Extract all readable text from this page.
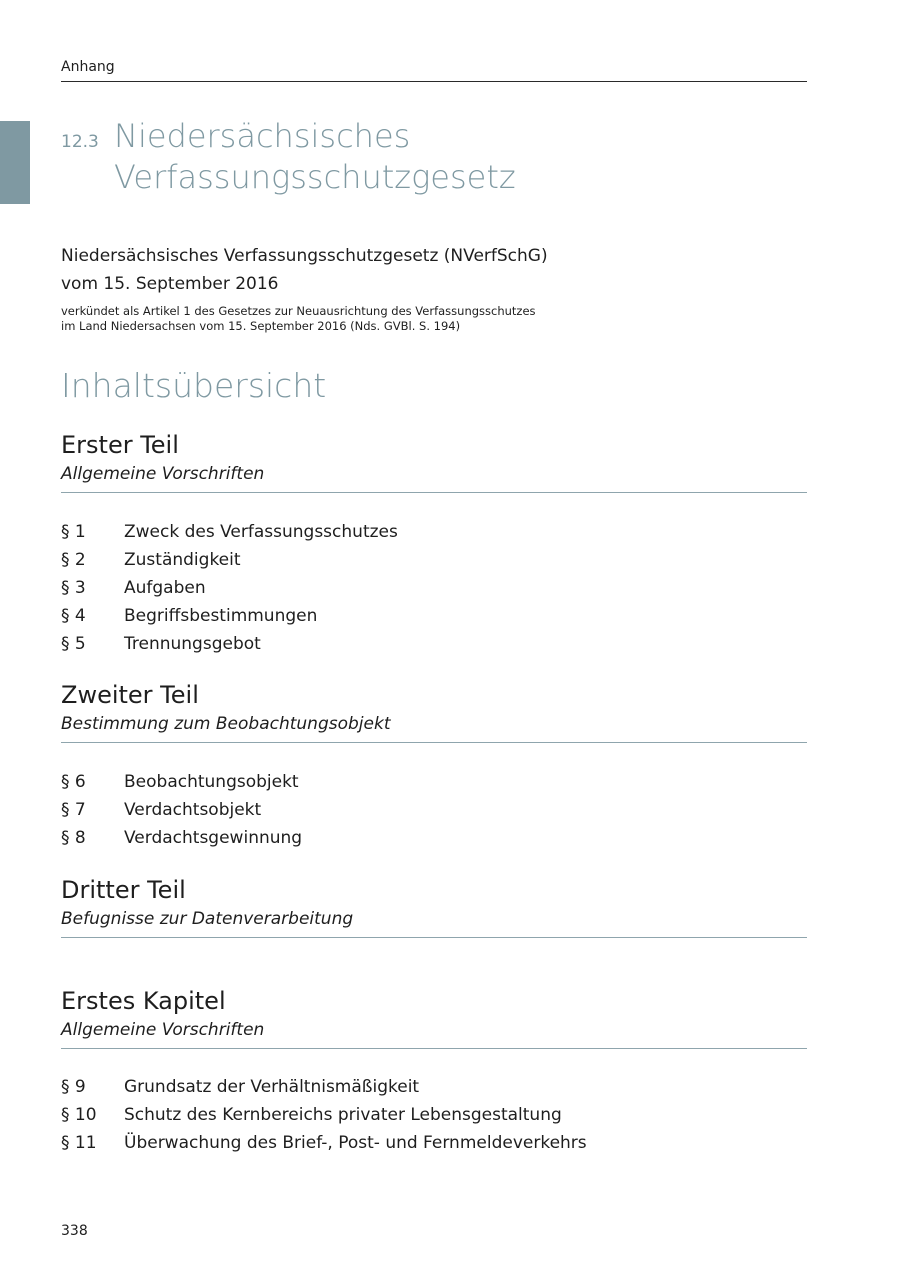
Anhang
12.3 Niedersächsisches
Verfassungsschutzgesetz
Niedersächsisches Verfassungsschutzgesetz (NVerfSchG)
vom 15. September 2016
verkündet als Artikel 1 des Gesetzes zur Neuausrichtung des Verfassungsschutzes
im Land Niedersachsen vom 15. September 2016 (Nds. GVBl. S. 194)
Inhaltsübersicht
Erster Teil
Allgemeine Vorschriften
§ 1	Zweck des Verfassungsschutzes
§ 2	Zuständigkeit
§ 3	Aufgaben
§ 4	Begriffsbestimmungen
§ 5	Trennungsgebot
Zweiter Teil
Bestimmung zum Beobachtungsobjekt
§ 6	Beobachtungsobjekt
§ 7	Verdachtsobjekt
§ 8	Verdachtsgewinnung
Dritter Teil
Befugnisse zur Datenverarbeitung
Erstes Kapitel
Allgemeine Vorschriften
§ 9	Grundsatz der Verhältnismäßigkeit
§ 10	Schutz des Kernbereichs privater Lebensgestaltung
§ 11	Überwachung des Brief-, Post- und Fernmeldeverkehrs
338
